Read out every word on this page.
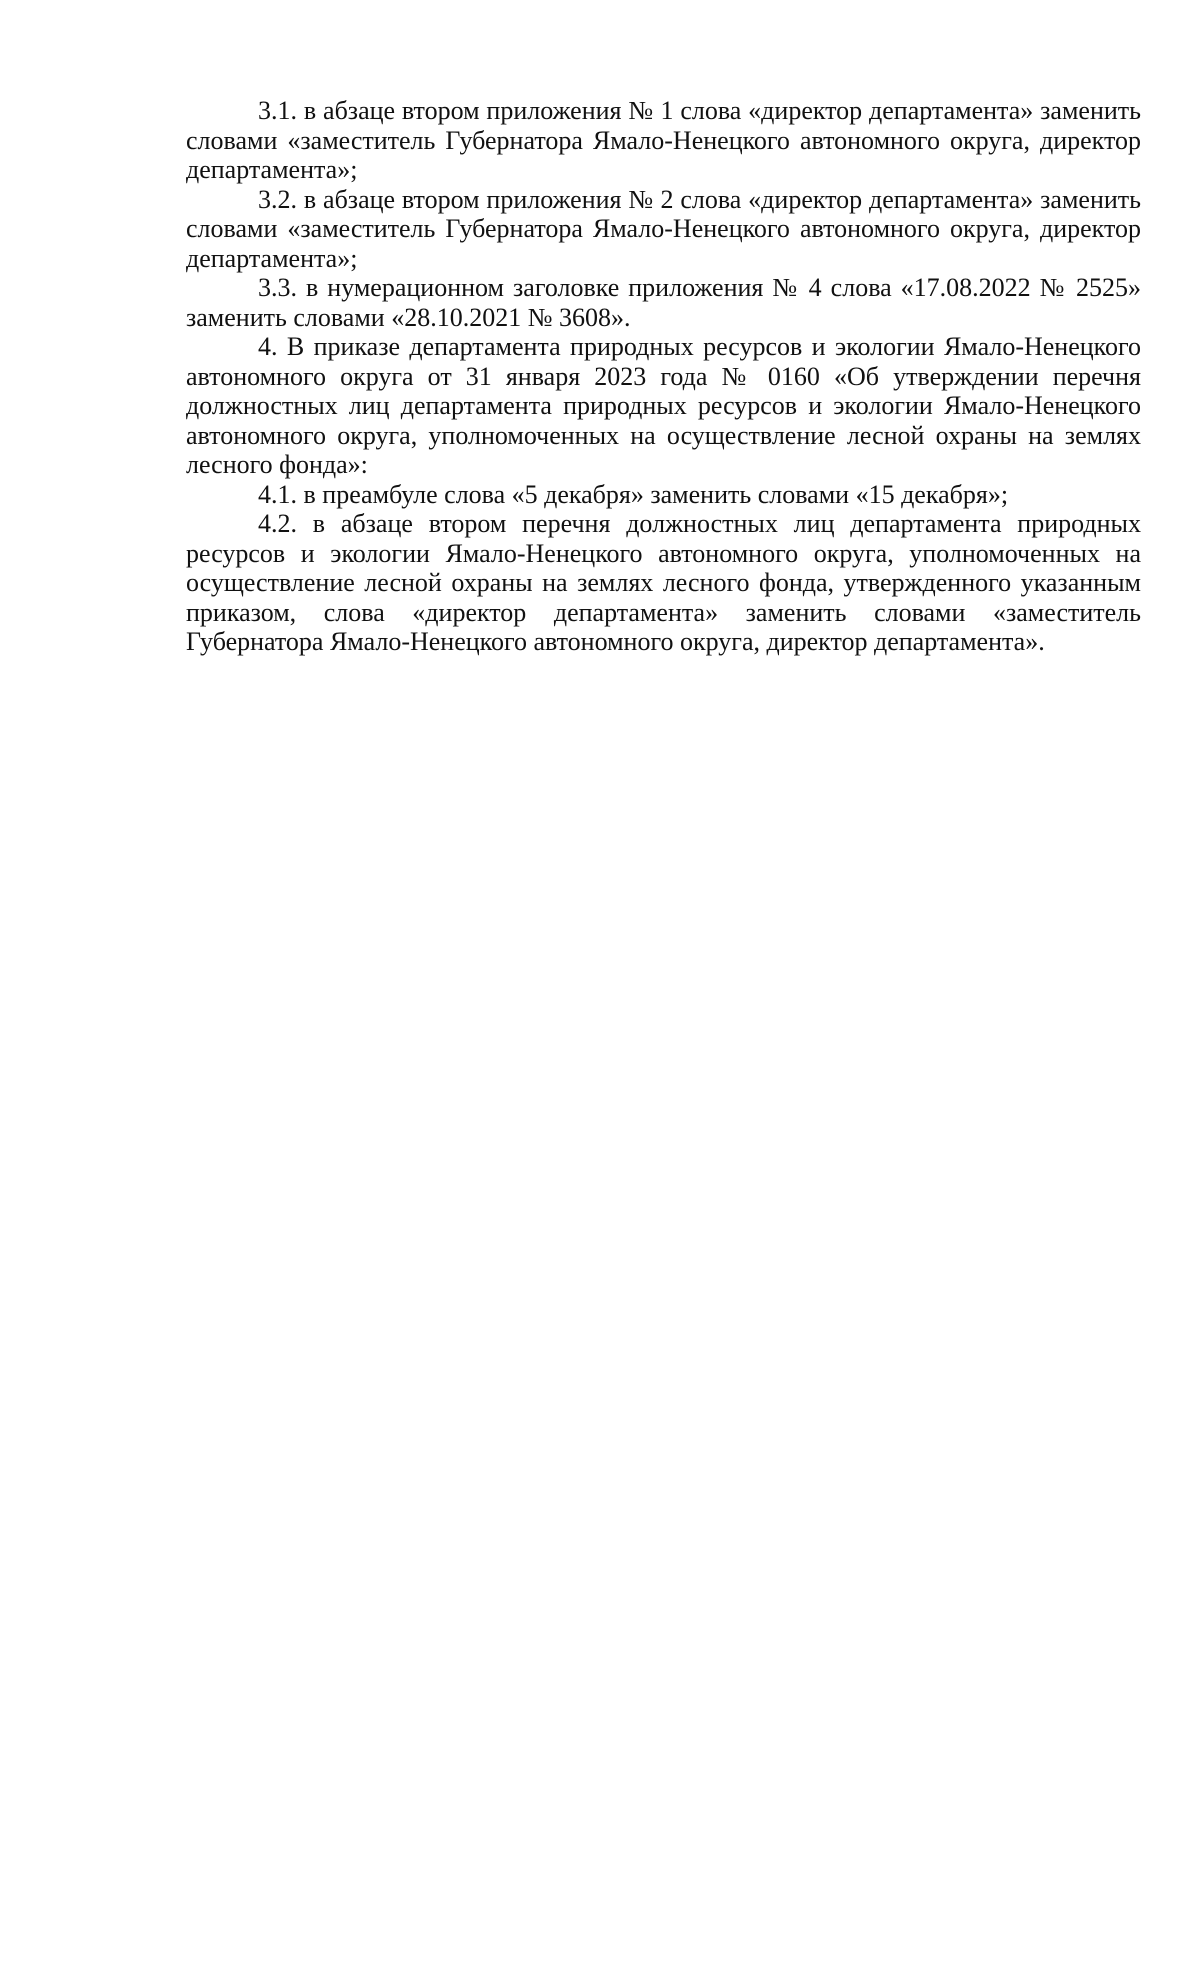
3.1. в абзаце втором приложения № 1 слова «директор департамента» заменить словами «заместитель Губернатора Ямало-Ненецкого автономного округа, директор департамента»;

3.2. в абзаце втором приложения № 2 слова «директор департамента» заменить словами «заместитель Губернатора Ямало-Ненецкого автономного округа, директор департамента»;

3.3. в нумерационном заголовке приложения № 4 слова «17.08.2022 № 2525» заменить словами «28.10.2021 № 3608».

4. В приказе департамента природных ресурсов и экологии Ямало-Ненецкого автономного округа от 31 января 2023 года № 0160 «Об утверждении перечня должностных лиц департамента природных ресурсов и экологии Ямало-Ненецкого автономного округа, уполномоченных на осуществление лесной охраны на землях лесного фонда»:

4.1. в преамбуле слова «5 декабря» заменить словами «15 декабря»;

4.2. в абзаце втором перечня должностных лиц департамента природных ресурсов и экологии Ямало-Ненецкого автономного округа, уполномоченных на осуществление лесной охраны на землях лесного фонда, утвержденного указанным приказом, слова «директор департамента» заменить словами «заместитель Губернатора Ямало-Ненецкого автономного округа, директор департамента».
